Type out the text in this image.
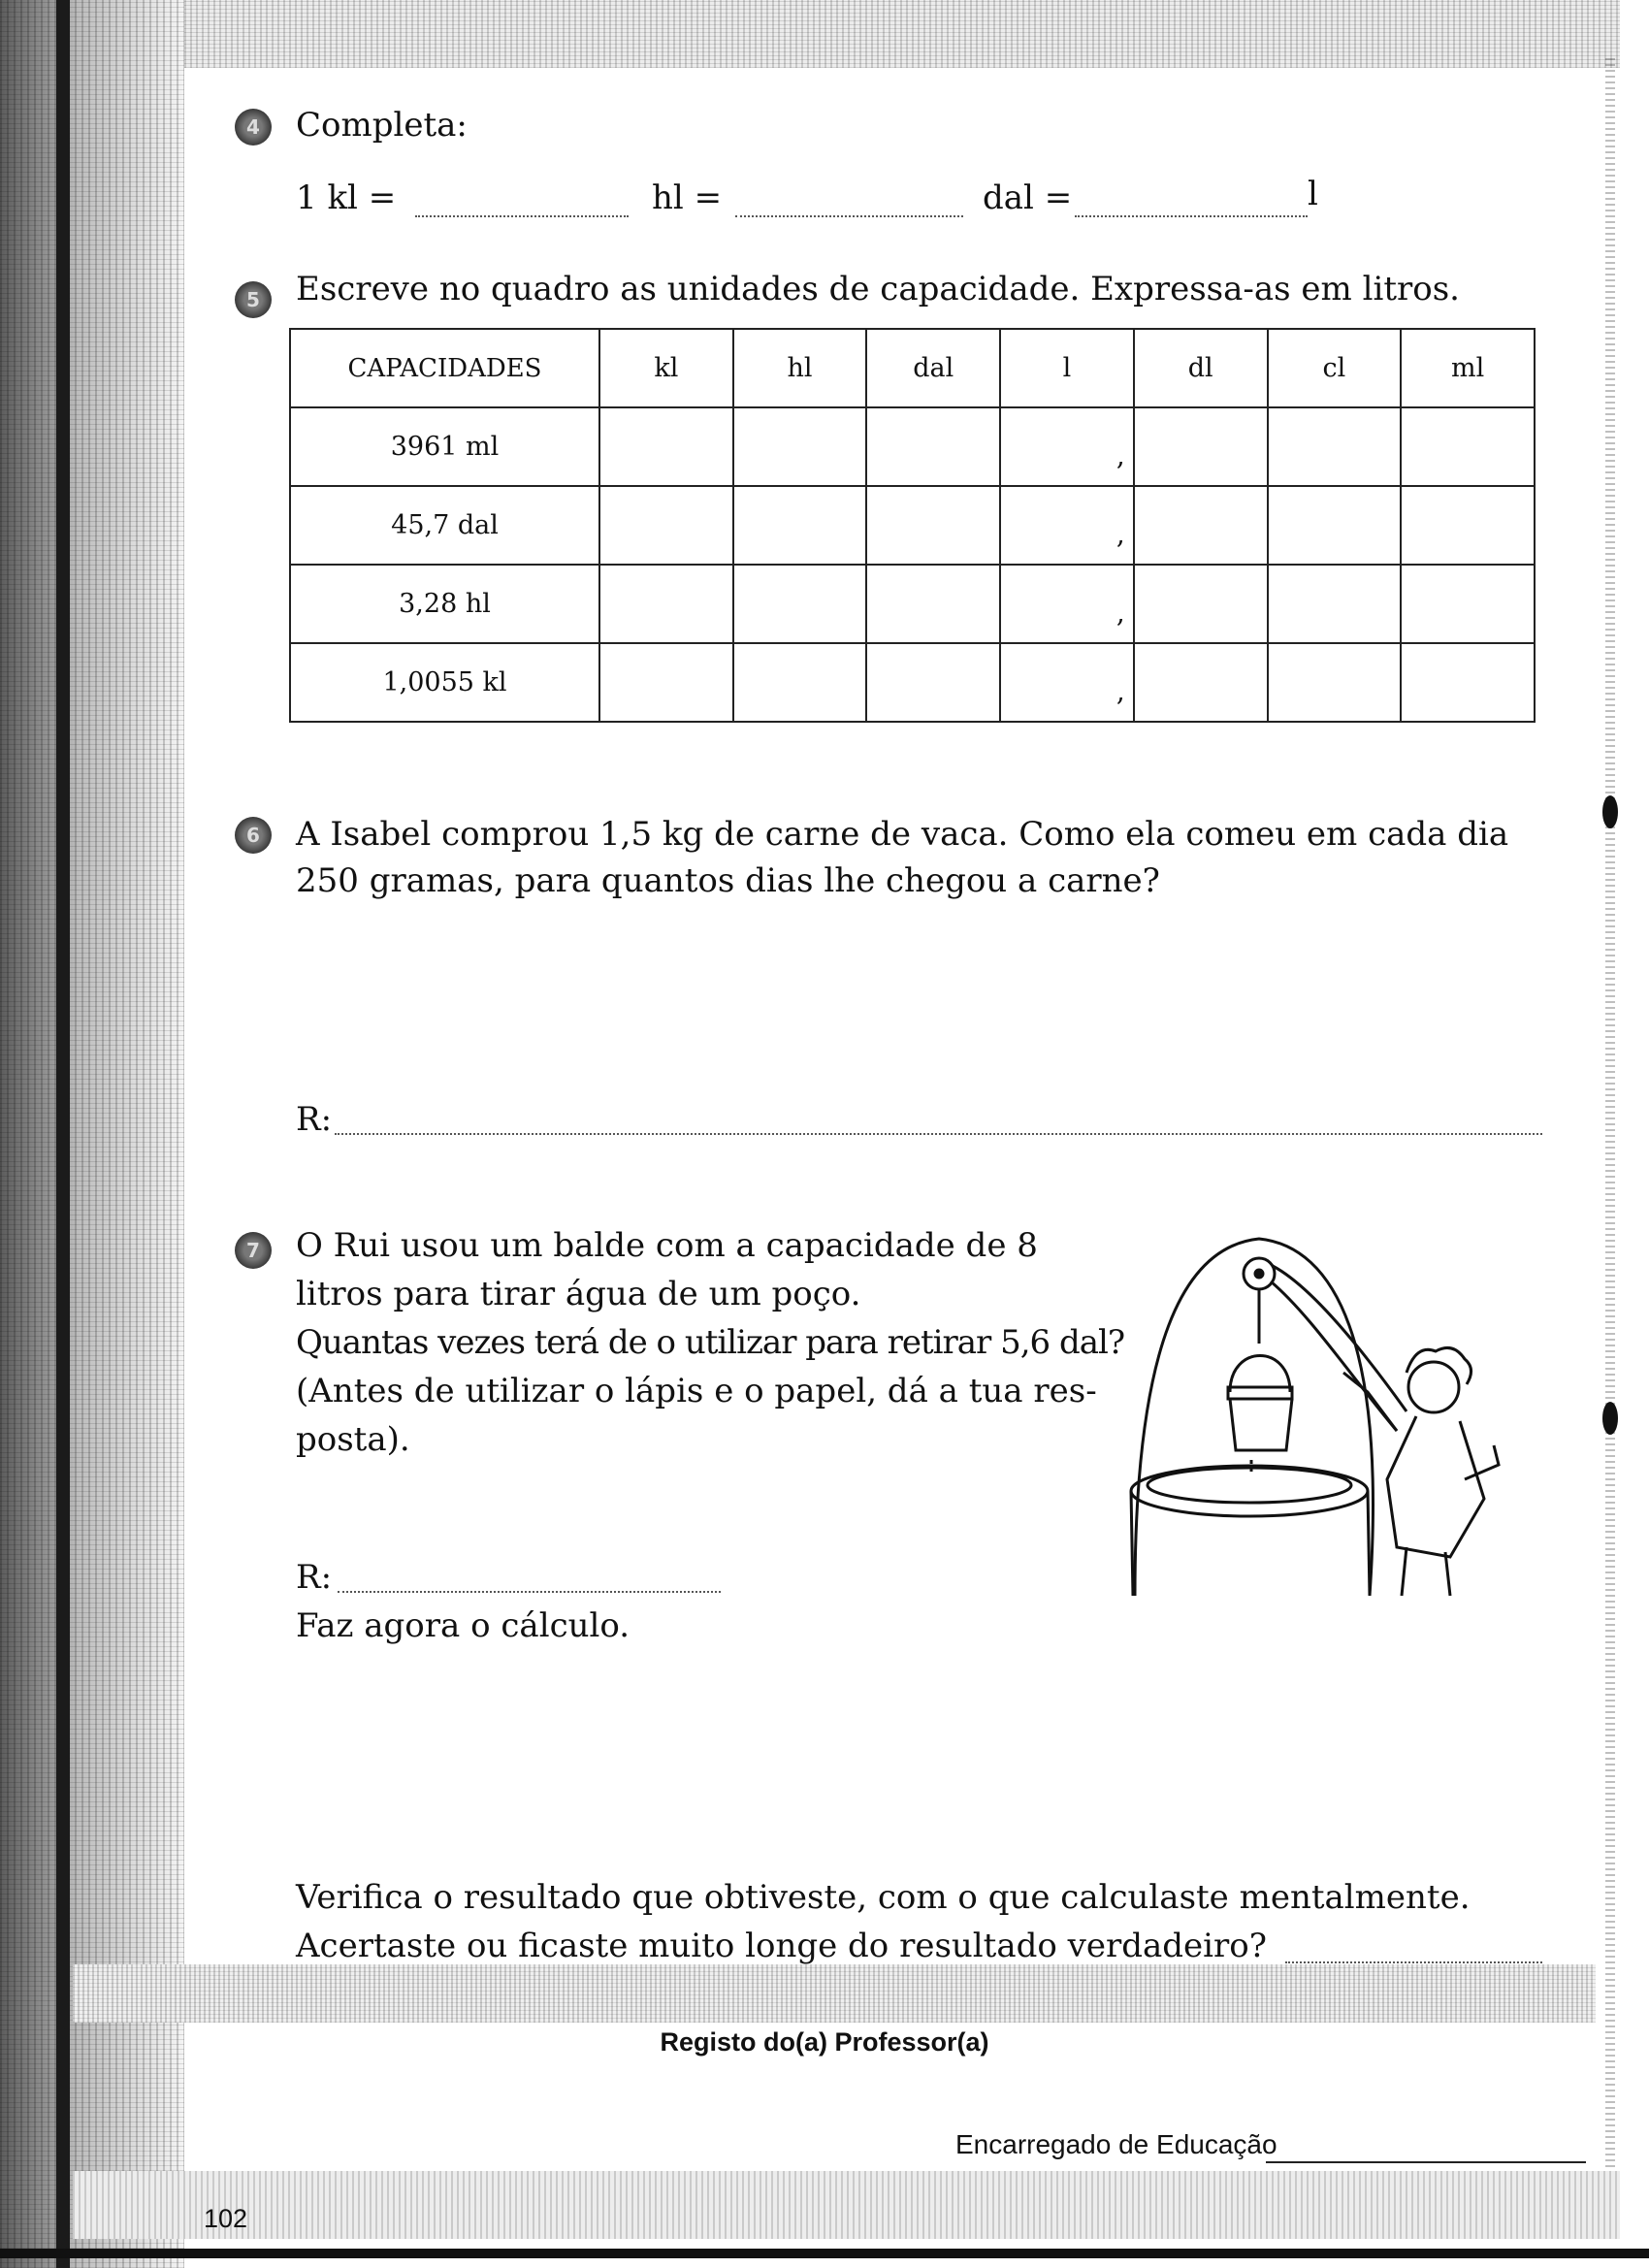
4	Completa:
1 kl =	hl =	dal =	l
5	Escreve no quadro as unidades de capacidade. Expressa-as em litros.
CAPACIDADES	kl	hl	dal	l	dl	cl	ml
3961 ml				,			

45,7 dal				,			

3,28 hl				,			

1,0055 kl				,			

6	A Isabel comprou 1,5 kg de carne de vaca. Como ela comeu em cada dia
250 gramas, para quantos dias lhe chegou a carne?
R:
7	O Rui usou um balde com a capacidade de 8
litros para tirar água de um poço.
Quantas vezes terá de o utilizar para retirar 5,6 dal?
(Antes de utilizar o lápis e o papel, dá a tua res-
posta).
R:
Faz agora o cálculo.
Verifica o resultado que obtiveste, com o que calculaste mentalmente.
Acertaste ou ficaste muito longe do resultado verdadeiro?
Registo do(a) Professor(a)
Encarregado de Educação
102
